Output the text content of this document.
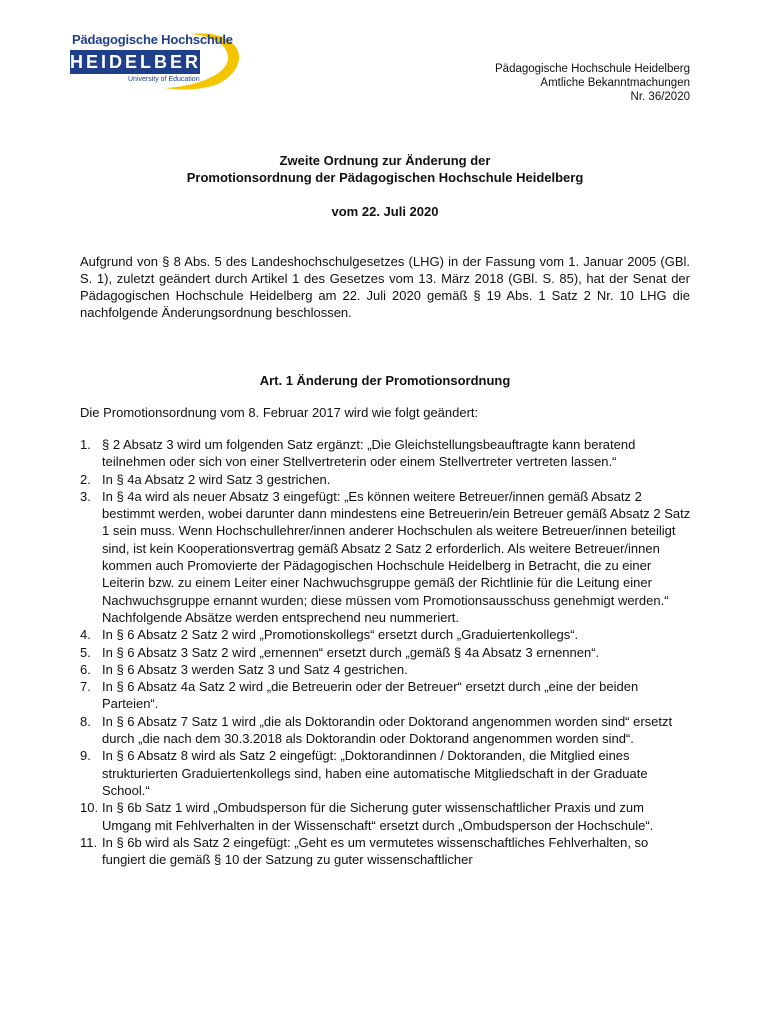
Pädagogische Hochschule
HEIDELBERG
University of Education
Pädagogische Hochschule Heidelberg
Amtliche Bekanntmachungen
Nr. 36/2020
Zweite Ordnung zur Änderung der
Promotionsordnung der Pädagogischen Hochschule Heidelberg
vom 22. Juli 2020
Aufgrund von § 8 Abs. 5 des Landeshochschulgesetzes (LHG) in der Fassung vom 1. Januar 2005 (GBl. S. 1), zuletzt geändert durch Artikel 1 des Gesetzes vom 13. März 2018 (GBl. S. 85), hat der Senat der Pädagogischen Hochschule Heidelberg am 22. Juli 2020 gemäß § 19 Abs. 1 Satz 2 Nr. 10 LHG die nachfolgende Änderungsordnung beschlossen.
Art. 1 Änderung der Promotionsordnung
Die Promotionsordnung vom 8. Februar 2017 wird wie folgt geändert:
1. § 2 Absatz 3 wird um folgenden Satz ergänzt: „Die Gleichstellungsbeauftragte kann beratend teilnehmen oder sich von einer Stellvertreterin oder einem Stellvertreter vertreten lassen.“
2. In § 4a Absatz 2 wird Satz 3 gestrichen.
3. In § 4a wird als neuer Absatz 3 eingefügt: „Es können weitere Betreuer/innen gemäß Absatz 2 bestimmt werden, wobei darunter dann mindestens eine Betreuerin/ein Betreuer gemäß Absatz 2 Satz 1 sein muss. Wenn Hochschullehrer/innen anderer Hochschulen als weitere Betreuer/innen beteiligt sind, ist kein Kooperationsvertrag gemäß Absatz 2 Satz 2 erforderlich. Als weitere Betreuer/innen kommen auch Promovierte der Pädagogischen Hochschule Heidelberg in Betracht, die zu einer Leiterin bzw. zu einem Leiter einer Nachwuchsgruppe gemäß der Richtlinie für die Leitung einer Nachwuchsgruppe ernannt wurden; diese müssen vom Promotionsausschuss genehmigt werden.“ Nachfolgende Absätze werden entsprechend neu nummeriert.
4. In § 6 Absatz 2 Satz 2 wird „Promotionskollegs“ ersetzt durch „Graduiertenkollegs“.
5. In § 6 Absatz 3 Satz 2 wird „ernennen“ ersetzt durch „gemäß § 4a Absatz 3 ernennen“.
6. In § 6 Absatz 3 werden Satz 3 und Satz 4 gestrichen.
7. In § 6 Absatz 4a Satz 2 wird „die Betreuerin oder der Betreuer“ ersetzt durch „eine der beiden Parteien“.
8. In § 6 Absatz 7 Satz 1 wird „die als Doktorandin oder Doktorand angenommen worden sind“ ersetzt durch „die nach dem 30.3.2018 als Doktorandin oder Doktorand angenommen worden sind“.
9. In § 6 Absatz 8 wird als Satz 2 eingefügt: „Doktorandinnen / Doktoranden, die Mitglied eines strukturierten Graduiertenkollegs sind, haben eine automatische Mitgliedschaft in der Graduate School.“
10. In § 6b Satz 1 wird „Ombudsperson für die Sicherung guter wissenschaftlicher Praxis und zum Umgang mit Fehlverhalten in der Wissenschaft“ ersetzt durch „Ombudsperson der Hochschule“.
11. In § 6b wird als Satz 2 eingefügt: „Geht es um vermutetes wissenschaftliches Fehlverhalten, so fungiert die gemäß § 10 der Satzung zu guter wissenschaftlicher
